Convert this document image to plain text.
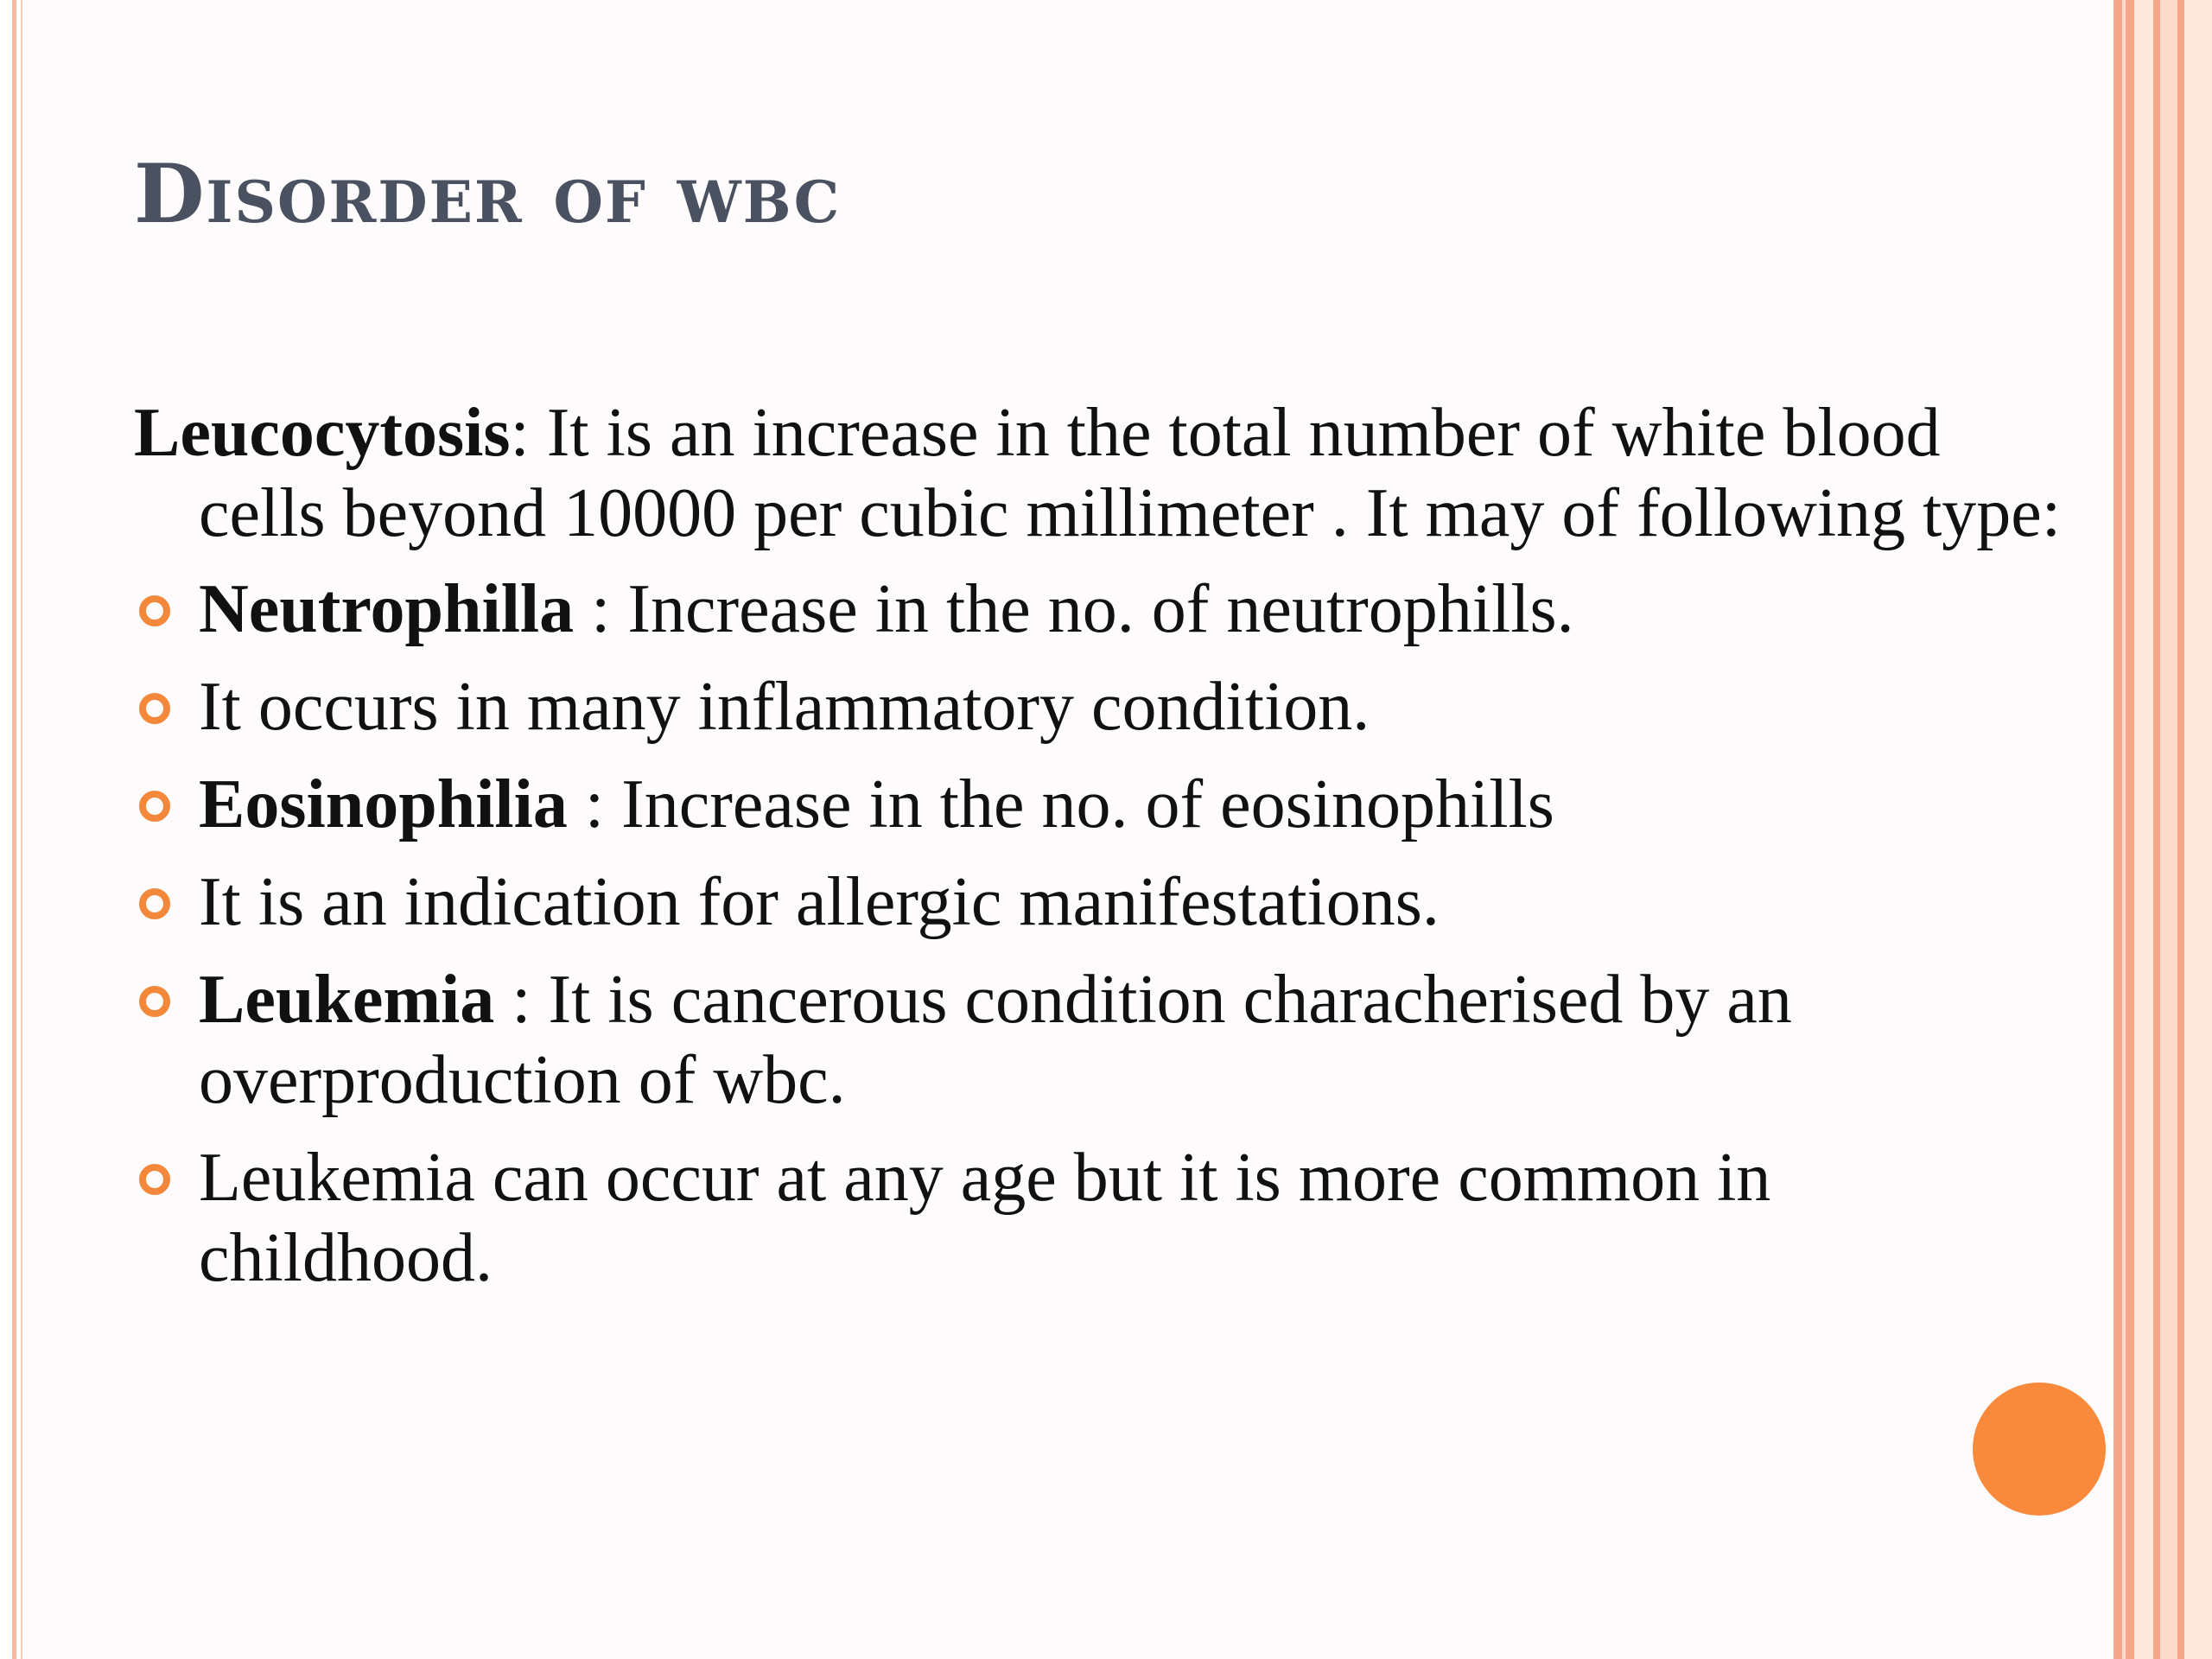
Disorder of wbc

Leucocytosis: It is an increase in the total number of white blood cells beyond 10000 per cubic millimeter . It may of following type:

Neutrophilla : Increase in the no. of neutrophills.
It occurs in many inflammatory condition.
Eosinophilia : Increase in the no. of eosinophills
It is an indication for allergic manifestations.
Leukemia : It is cancerous condition characherised by an overproduction of wbc.
Leukemia can occur at any age but it is more common in childhood.
